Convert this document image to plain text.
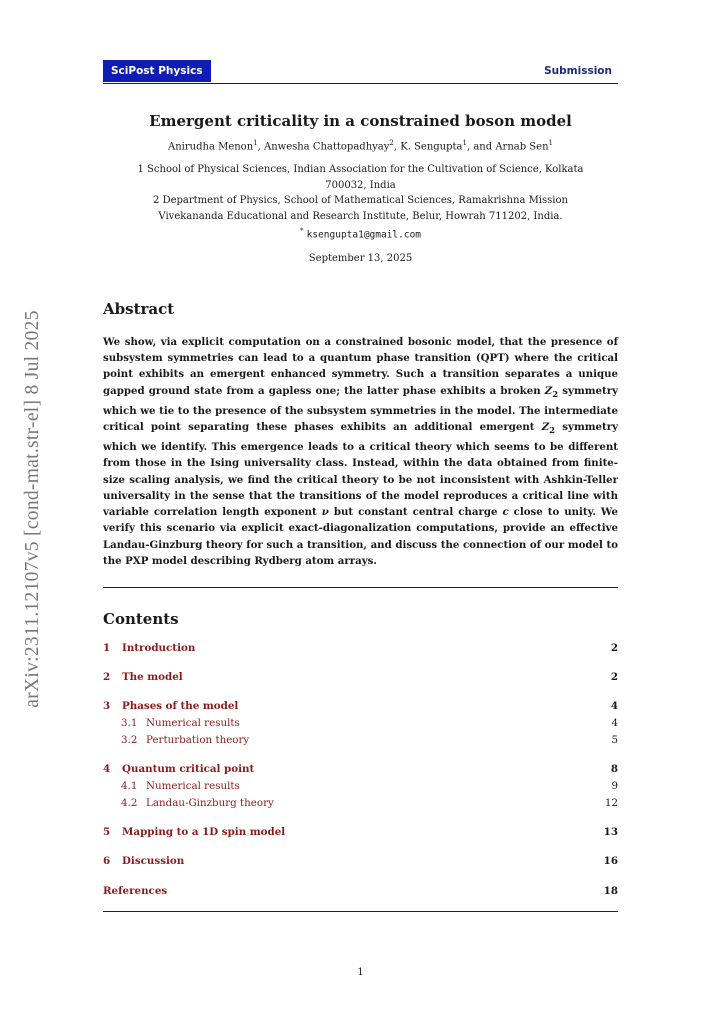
arXiv:2311.12107v5 [cond-mat.str-el] 8 Jul 2025
SciPost Physics	Submission
Emergent criticality in a constrained boson model
Anirudha Menon$^1$, Anwesha Chattopadhyay$^2$, K. Sengupta$^1$, and Arnab Sen$^1$
1 School of Physical Sciences, Indian Association for the Cultivation of Science, Kolkata
700032, India
2 Department of Physics, School of Mathematical Sciences, Ramakrishna Mission
Vivekananda Educational and Research Institute, Belur, Howrah 711202, India.
* ksengupta1@gmail.com
September 13, 2025
Abstract
We show, via explicit computation on a constrained bosonic model, that the presence of subsystem symmetries can lead to a quantum phase transition (QPT) where the critical point exhibits an emergent enhanced symmetry. Such a transition separates a unique gapped ground state from a gapless one; the latter phase exhibits a broken $Z_2$ symmetry which we tie to the presence of the subsystem symmetries in the model. The intermediate critical point separating these phases exhibits an additional emergent $Z_2$ symmetry which we identify. This emergence leads to a critical theory which seems to be different from those in the Ising universality class. Instead, within the data obtained from finite-size scaling analysis, we find the critical theory to be not inconsistent with Ashkin-Teller universality in the sense that the transitions of the model reproduces a critical line with variable correlation length exponent ν but constant central charge c close to unity. We verify this scenario via explicit exact-diagonalization computations, provide an effective Landau-Ginzburg theory for such a transition, and discuss the connection of our model to the PXP model describing Rydberg atom arrays.
Contents
1 Introduction	2
2 The model	2
3 Phases of the model	4
3.1 Numerical results	4
3.2 Perturbation theory	5
4 Quantum critical point	8
4.1 Numerical results	9
4.2 Landau-Ginzburg theory	12
5 Mapping to a 1D spin model	13
6 Discussion	16
References	18
1
